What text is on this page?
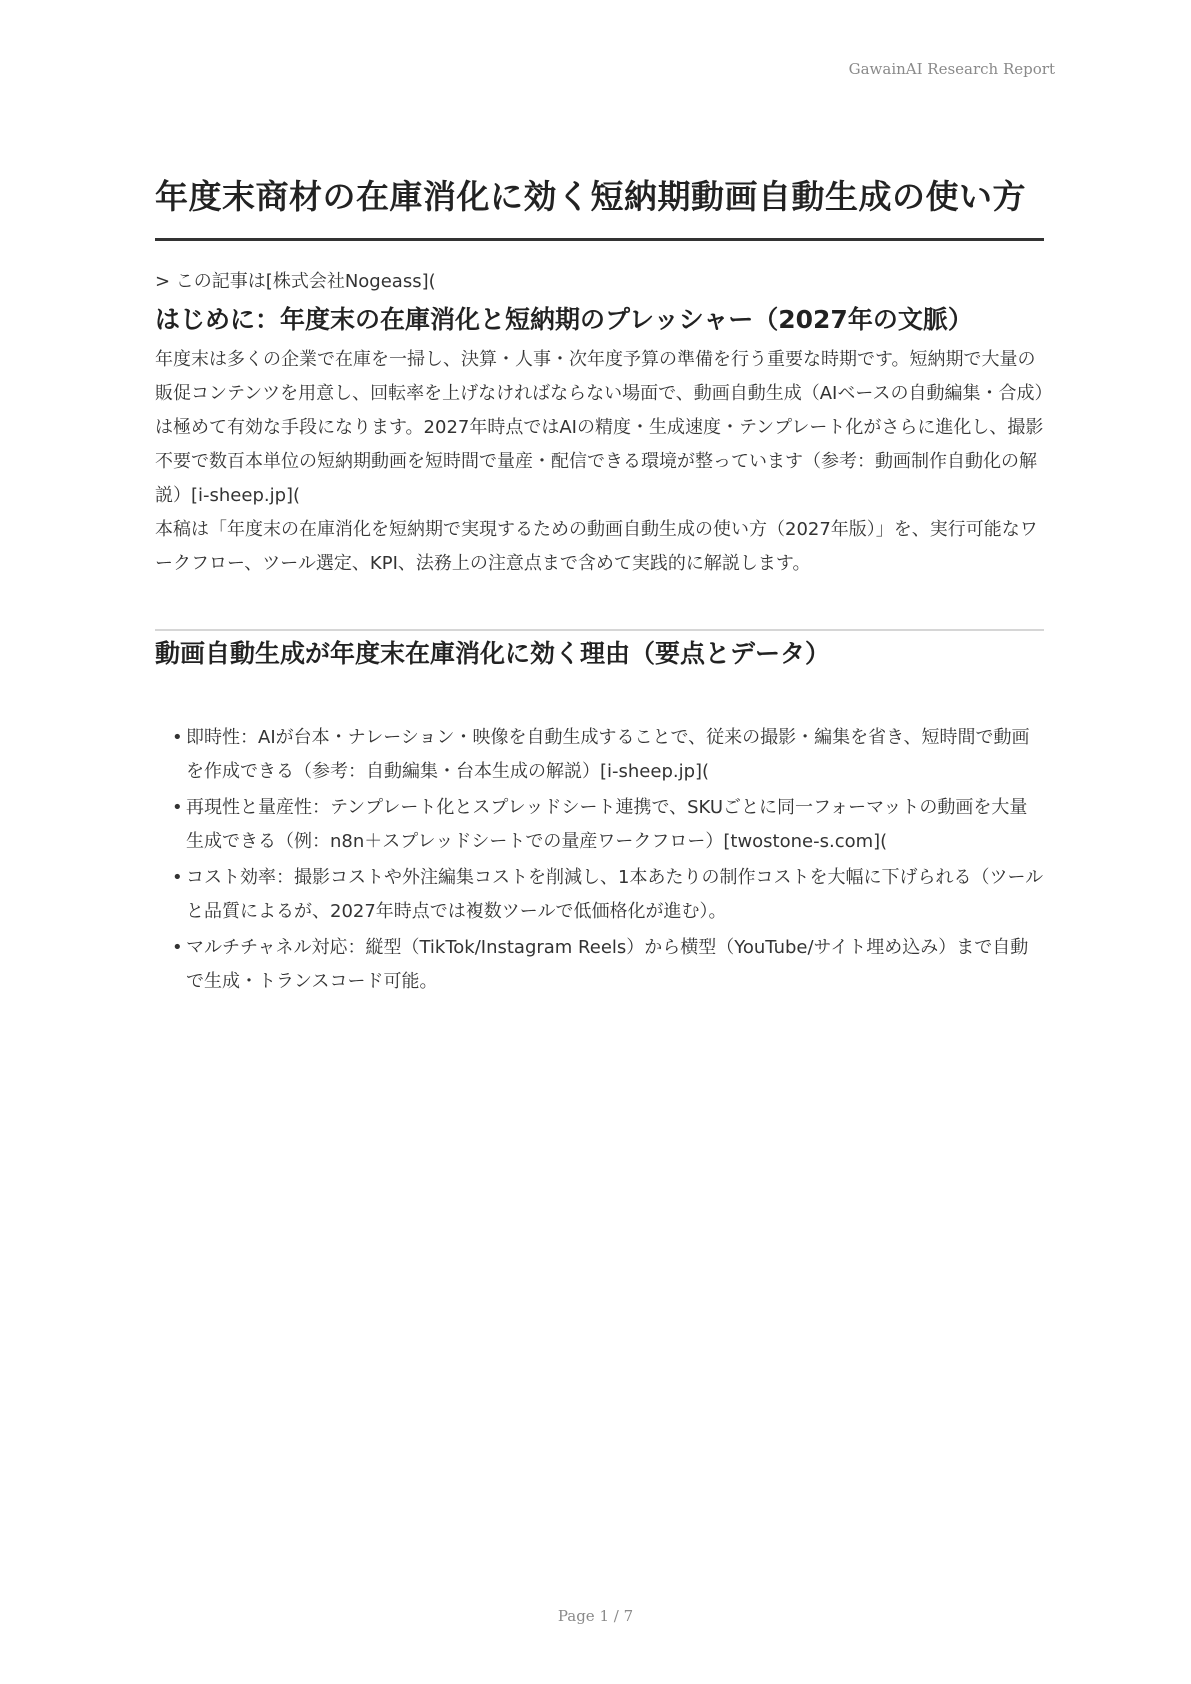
GawainAI Research Report
年度末商材の在庫消化に効く短納期動画自動生成の使い方

> この記事は[株式会社Nogeass](

はじめに：年度末の在庫消化と短納期のプレッシャー（2027年の文脈）

年度末は多くの企業で在庫を一掃し、決算・人事・次年度予算の準備を行う重要な時期です。短納期で大量の販促コンテンツを用意し、回転率を上げなければならない場面で、動画自動生成（AIベースの自動編集・合成）は極めて有効な手段になります。2027年時点ではAIの精度・生成速度・テンプレート化がさらに進化し、撮影不要で数百本単位の短納期動画を短時間で量産・配信できる環境が整っています（参考：動画制作自動化の解説）[i-sheep.jp](

本稿は「年度末の在庫消化を短納期で実現するための動画自動生成の使い方（2027年版）」を、実行可能なワークフロー、ツール選定、KPI、法務上の注意点まで含めて実践的に解説します。

動画自動生成が年度末在庫消化に効く理由（要点とデータ）
• 即時性：AIが台本・ナレーション・映像を自動生成することで、従来の撮影・編集を省き、短時間で動画を作成できる（参考：自動編集・台本生成の解説）[i-sheep.jp](
• 再現性と量産性：テンプレート化とスプレッドシート連携で、SKUごとに同一フォーマットの動画を大量生成できる（例：n8n＋スプレッドシートでの量産ワークフロー）[twostone-s.com](
• コスト効率：撮影コストや外注編集コストを削減し、1本あたりの制作コストを大幅に下げられる（ツールと品質によるが、2027年時点では複数ツールで低価格化が進む）。
• マルチチャネル対応：縦型（TikTok/Instagram Reels）から横型（YouTube/サイト埋め込み）まで自動で生成・トランスコード可能。
Page 1 / 7
